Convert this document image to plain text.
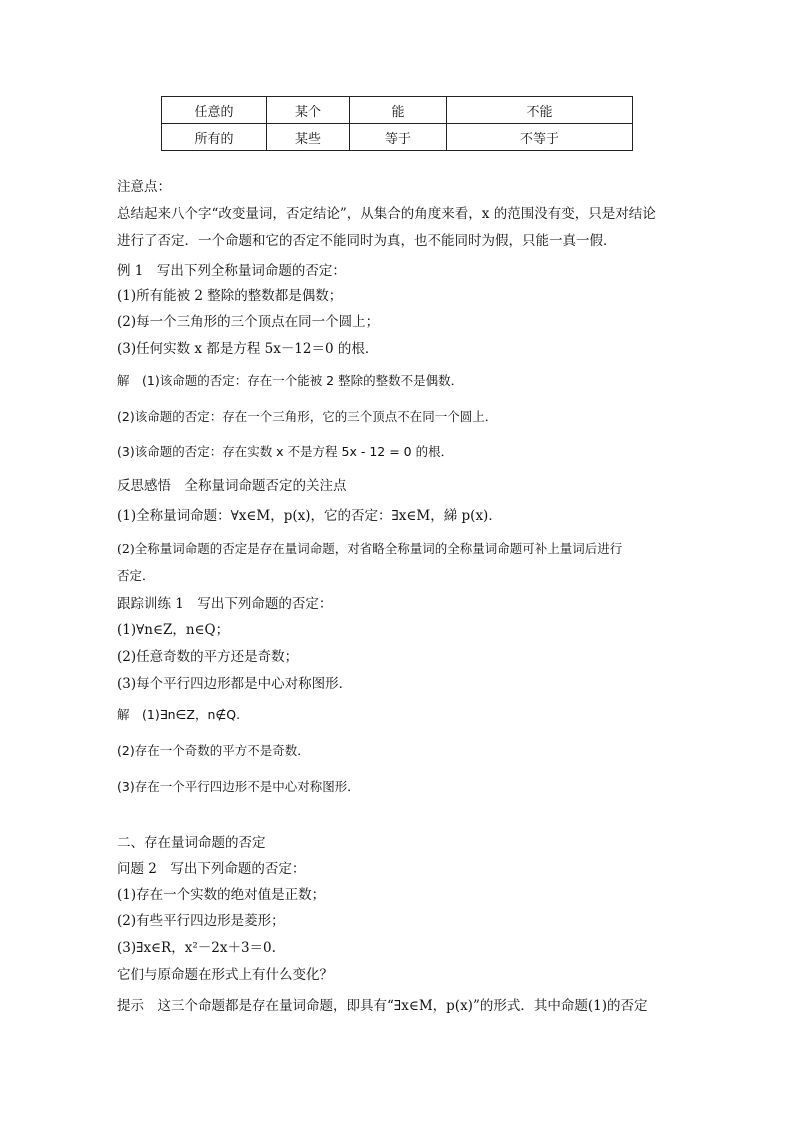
任意的	某个	能	不能
所有的	某些	等于	不等于
注意点：
总结起来八个字“改变量词，否定结论”，从集合的角度来看，x 的范围没有变，只是对结论
进行了否定．一个命题和它的否定不能同时为真，也不能同时为假，只能一真一假．
例 1　写出下列全称量词命题的否定：
(1)所有能被 2 整除的整数都是偶数；
(2)每一个三角形的三个顶点在同一个圆上；
(3)任何实数 x 都是方程 5x－12＝0 的根．
解　(1)该命题的否定：存在一个能被 2 整除的整数不是偶数．
(2)该命题的否定：存在一个三角形，它的三个顶点不在同一个圆上．
(3)该命题的否定：存在实数 x 不是方程 5x - 12 = 0 的根．
反思感悟　全称量词命题否定的关注点
(1)全称量词命题：∀x∈M，p(x)，它的否定：∃x∈M，綈 p(x)．
(2)全称量词命题的否定是存在量词命题，对省略全称量词的全称量词命题可补上量词后进行
否定．
跟踪训练 1　写出下列命题的否定：
(1)∀n∈Z，n∈Q；
(2)任意奇数的平方还是奇数；
(3)每个平行四边形都是中心对称图形．
解　(1)∃n∈Z，n∉Q.
(2)存在一个奇数的平方不是奇数．
(3)存在一个平行四边形不是中心对称图形．
二、存在量词命题的否定
问题 2　写出下列命题的否定：
(1)存在一个实数的绝对值是正数；
(2)有些平行四边形是菱形；
(3)∃x∈R，x²－2x＋3＝0.
它们与原命题在形式上有什么变化？
提示　这三个命题都是存在量词命题，即具有“∃x∈M，p(x)”的形式．其中命题(1)的否定
